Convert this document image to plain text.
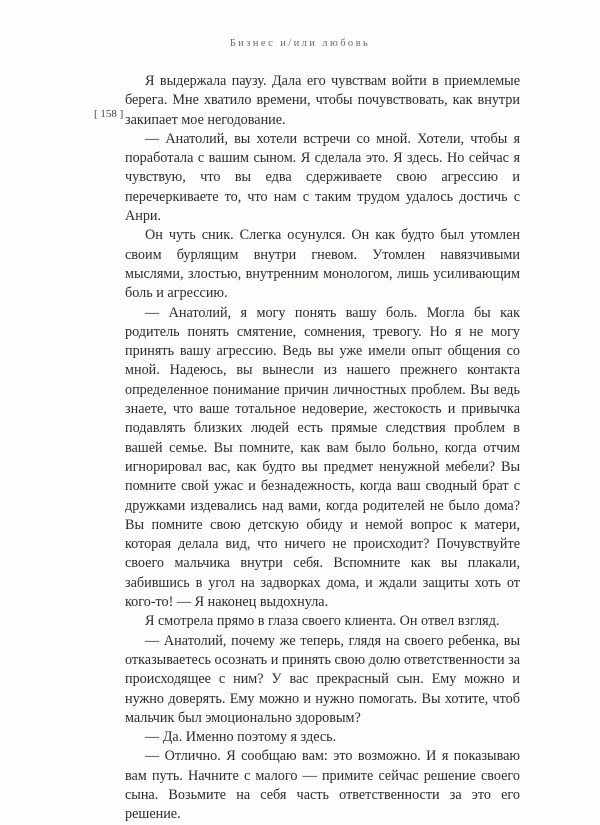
Бизнес и/или любовь
[ 158 ]

Я выдержала паузу. Дала его чувствам войти в приемлемые берега. Мне хватило времени, чтобы почувствовать, как внутри закипает мое негодование.

— Анатолий, вы хотели встречи со мной. Хотели, чтобы я поработала с вашим сыном. Я сделала это. Я здесь. Но сейчас я чувствую, что вы едва сдерживаете свою агрессию и перечеркиваете то, что нам с таким трудом удалось достичь с Анри.

Он чуть сник. Слегка осунулся. Он как будто был утомлен своим бурлящим внутри гневом. Утомлен навязчивыми мыслями, злостью, внутренним монологом, лишь усиливающим боль и агрессию.

— Анатолий, я могу понять вашу боль. Могла бы как родитель понять смятение, сомнения, тревогу. Но я не могу принять вашу агрессию. Ведь вы уже имели опыт общения со мной. Надеюсь, вы вынесли из нашего прежнего контакта определенное понимание причин личностных проблем. Вы ведь знаете, что ваше тотальное недоверие, жестокость и привычка подавлять близких людей есть прямые следствия проблем в вашей семье. Вы помните, как вам было больно, когда отчим игнорировал вас, как будто вы предмет ненужной мебели? Вы помните свой ужас и безнадежность, когда ваш сводный брат с дружками издевались над вами, когда родителей не было дома? Вы помните свою детскую обиду и немой вопрос к матери, которая делала вид, что ничего не происходит? Почувствуйте своего мальчика внутри себя. Вспомните как вы плакали, забившись в угол на задворках дома, и ждали защиты хоть от кого-то! — Я наконец выдохнула.

Я смотрела прямо в глаза своего клиента. Он отвел взгляд.

— Анатолий, почему же теперь, глядя на своего ребенка, вы отказываетесь осознать и принять свою долю ответственности за происходящее с ним? У вас прекрасный сын. Ему можно и нужно доверять. Ему можно и нужно помогать. Вы хотите, чтоб мальчик был эмоционально здоровым?

— Да. Именно поэтому я здесь.

— Отлично. Я сообщаю вам: это возможно. И я показываю вам путь. Начните с малого — примите сейчас решение своего сына. Возьмите на себя часть ответственности за это его решение.
